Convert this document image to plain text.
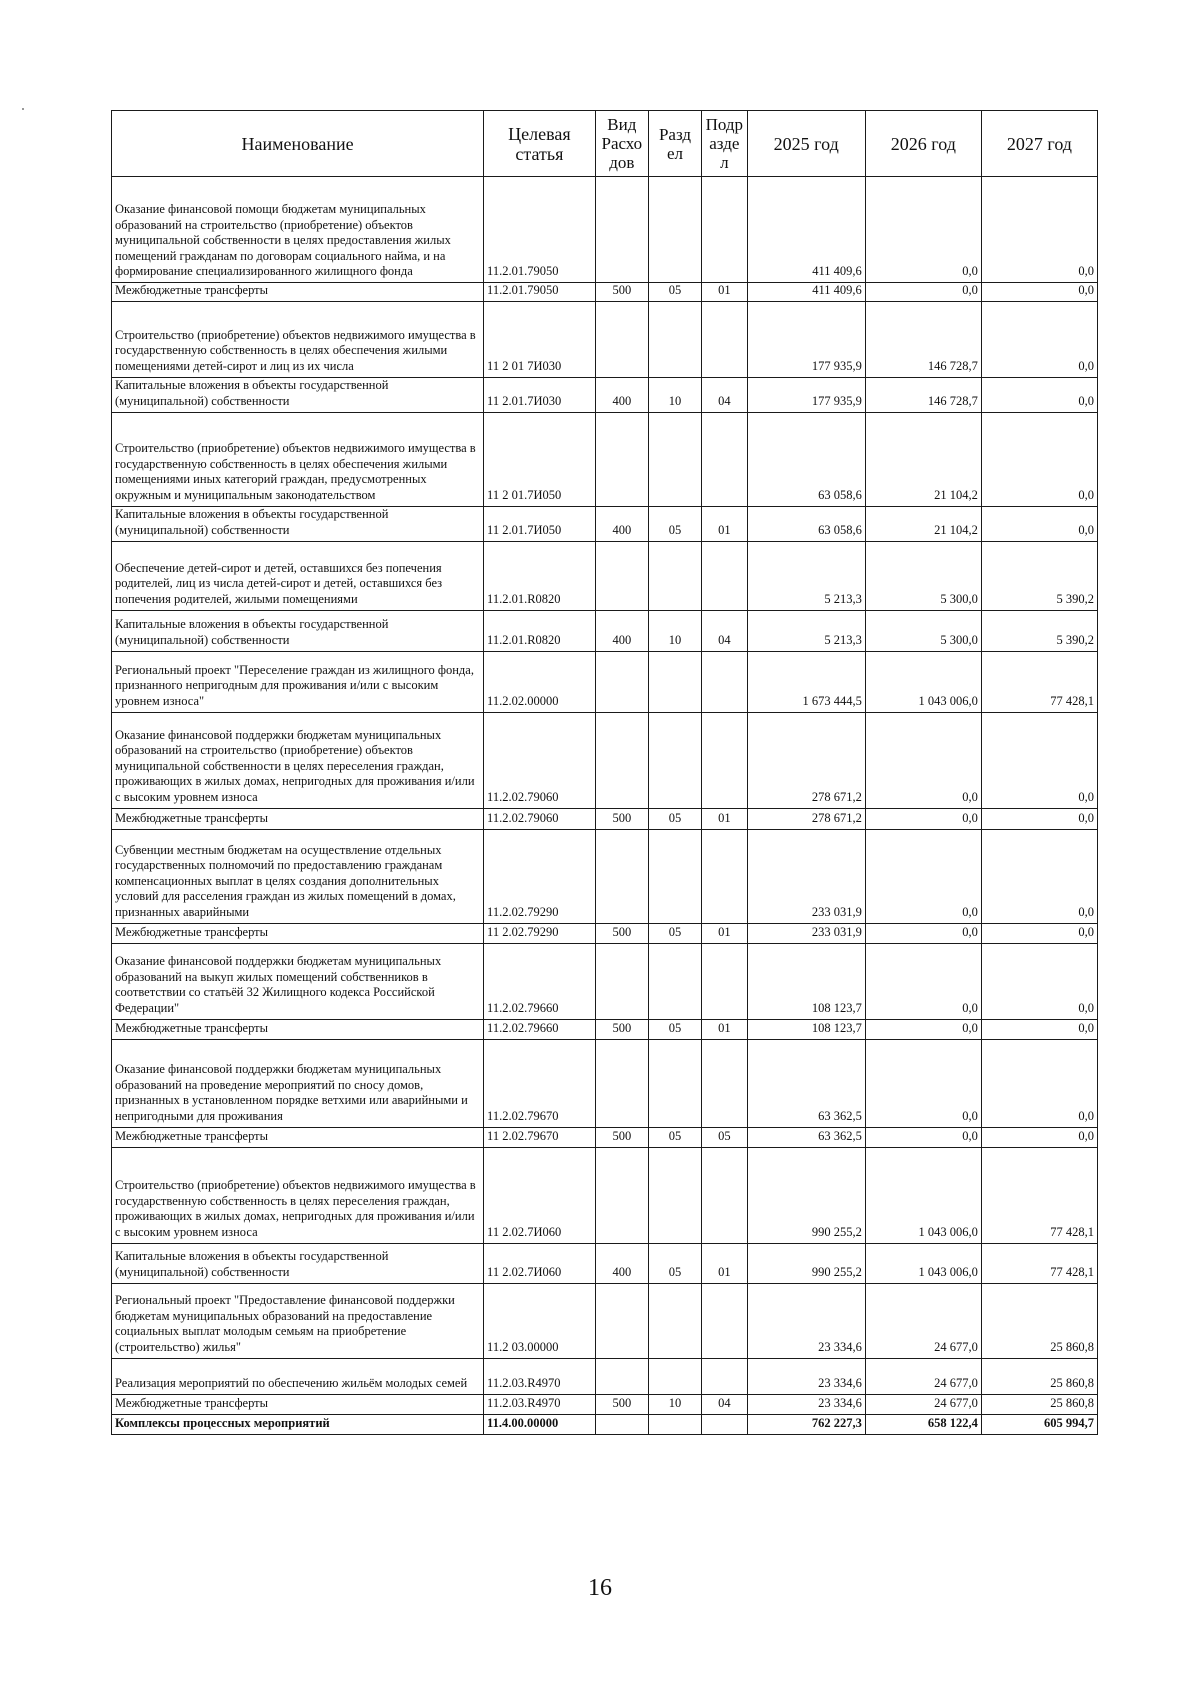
Наименование	Целевая статья	Вид Расхо дов	Разд ел	Подр азде л	2025 год	2026 год	2027 год
Оказание финансовой помощи бюджетам муниципальных образований на строительство (приобретение) объектов муниципальной собственности в целях предоставления жилых помещений гражданам по договорам социального найма, и на формирование специализированного жилищного фонда	11.2.01.79050				411 409,6	0,0	0,0
Межбюджетные трансферты	11.2.01.79050	500	05	01	411 409,6	0,0	0,0
Строительство (приобретение) объектов недвижимого имущества в государственную собственность в целях обеспечения жилыми помещениями детей-сирот и лиц из их числа	11 2 01 7И030				177 935,9	146 728,7	0,0
Капитальные вложения в объекты государственной (муниципальной) собственности	11 2.01.7И030	400	10	04	177 935,9	146 728,7	0,0
Строительство (приобретение) объектов недвижимого имущества в государственную собственность в целях обеспечения жилыми помещениями иных категорий граждан, предусмотренных окружным и муниципальным законодательством	11 2 01.7И050				63 058,6	21 104,2	0,0
Капитальные вложения в объекты государственной (муниципальной) собственности	11 2.01.7И050	400	05	01	63 058,6	21 104,2	0,0
Обеспечение детей-сирот и детей, оставшихся без попечения родителей, лиц из числа детей-сирот и детей, оставшихся без попечения родителей, жилыми помещениями	11.2.01.R0820				5 213,3	5 300,0	5 390,2
Капитальные вложения в объекты государственной (муниципальной) собственности	11.2.01.R0820	400	10	04	5 213,3	5 300,0	5 390,2
Региональный проект "Переселение граждан из жилищного фонда, признанного непригодным для проживания и/или с высоким уровнем износа"	11.2.02.00000				1 673 444,5	1 043 006,0	77 428,1
Оказание финансовой поддержки бюджетам муниципальных образований на строительство (приобретение) объектов муниципальной собственности в целях переселения граждан, проживающих в жилых домах, непригодных для проживания и/или с высоким уровнем износа	11.2.02.79060				278 671,2	0,0	0,0
Межбюджетные трансферты	11.2.02.79060	500	05	01	278 671,2	0,0	0,0
Субвенции местным бюджетам на осуществление отдельных государственных полномочий по предоставлению гражданам компенсационных выплат в целях создания дополнительных условий для расселения граждан из жилых помещений в домах, признанных аварийными	11.2.02.79290				233 031,9	0,0	0,0
Межбюджетные трансферты	11 2.02.79290	500	05	01	233 031,9	0,0	0,0
Оказание финансовой поддержки бюджетам муниципальных образований на выкуп жилых помещений собственников в соответствии со статьёй 32 Жилищного кодекса Российской Федерации"	11.2.02.79660				108 123,7	0,0	0,0
Межбюджетные трансферты	11.2.02.79660	500	05	01	108 123,7	0,0	0,0
Оказание финансовой поддержки бюджетам муниципальных образований на проведение мероприятий по сносу домов, признанных в установленном порядке ветхими или аварийными и непригодными для проживания	11.2.02.79670				63 362,5	0,0	0,0
Межбюджетные трансферты	11 2.02.79670	500	05	05	63 362,5	0,0	0,0
Строительство (приобретение) объектов недвижимого имущества в государственную собственность в целях переселения граждан, проживающих в жилых домах, непригодных для проживания и/или с высоким уровнем износа	11 2.02.7И060				990 255,2	1 043 006,0	77 428,1
Капитальные вложения в объекты государственной (муниципальной) собственности	11 2.02.7И060	400	05	01	990 255,2	1 043 006,0	77 428,1
Региональный проект "Предоставление финансовой поддержки бюджетам муниципальных образований на предоставление социальных выплат молодым семьям на приобретение (строительство) жилья"	11.2 03.00000				23 334,6	24 677,0	25 860,8
Реализация мероприятий по обеспечению жильём молодых семей	11.2.03.R4970				23 334,6	24 677,0	25 860,8
Межбюджетные трансферты	11.2.03.R4970	500	10	04	23 334,6	24 677,0	25 860,8
Комплексы процессных мероприятий	11.4.00.00000				762 227,3	658 122,4	605 994,7
16
